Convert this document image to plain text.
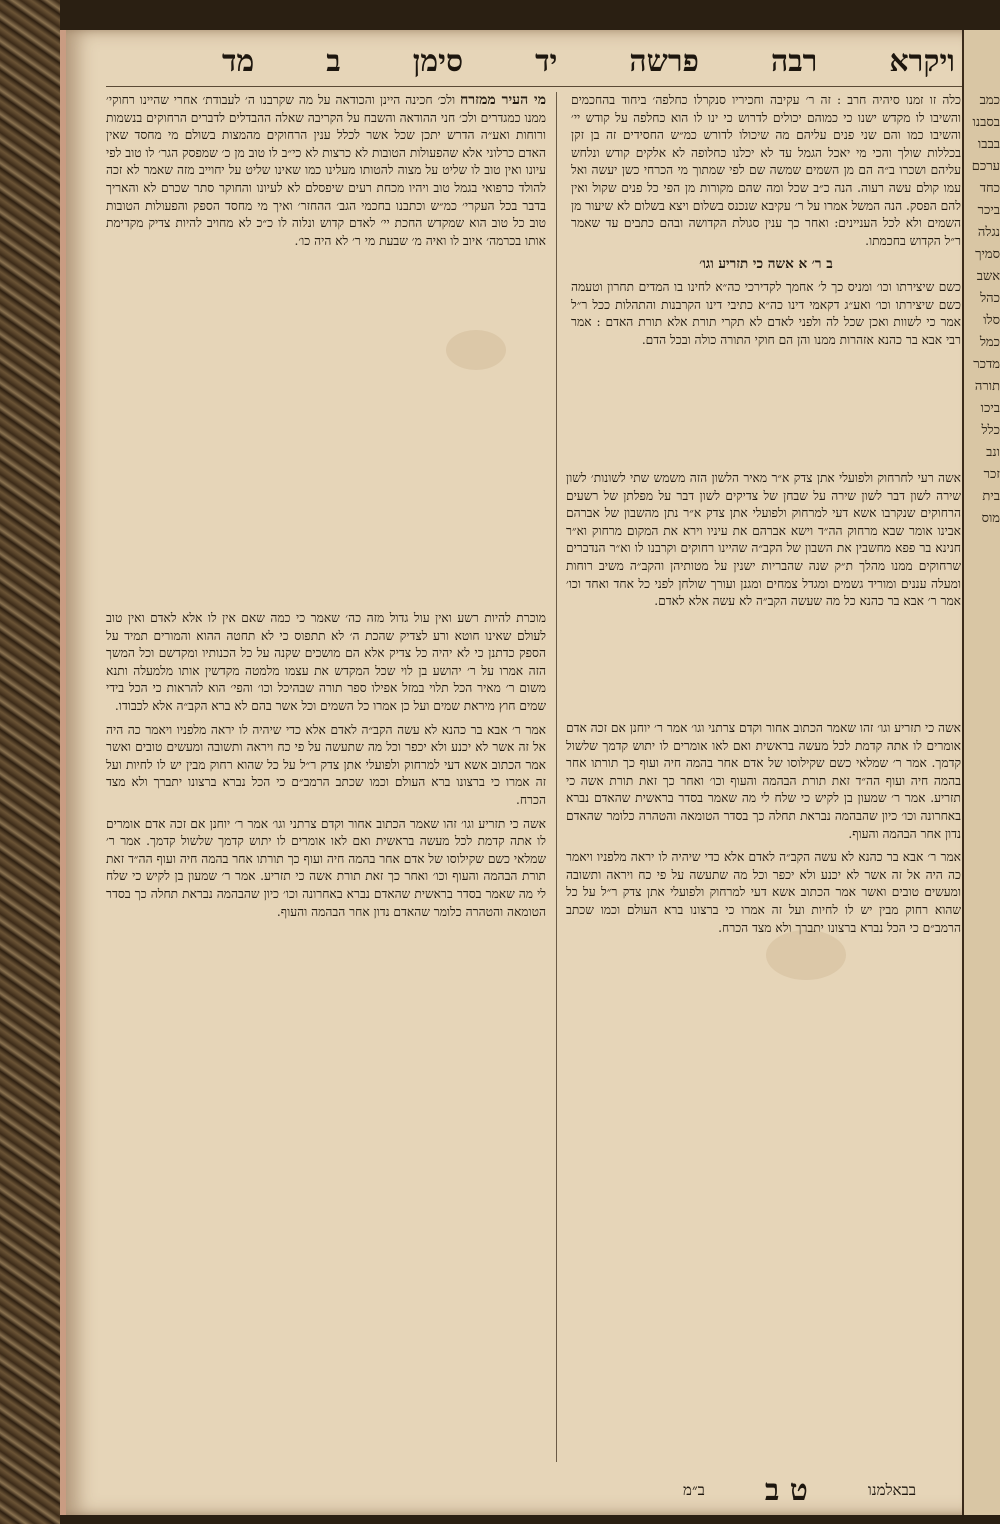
ויקרא
רבה
פרשה
יד
סימן
ב
מד

כלה זו זמנו סיהיה חרב : זה ר׳ עקיבה וחכיריו סנקרלו כחלפה׳ ביחוד בהחכמים והשיבו לו מקדש ישנו כי כמוהם יכולים לדרוש כי ינו לו הוא כחלפה על קודש יי׳ והשיבו כמו והם שני פנים עליהם מה שיכולו לדורש כמ״ש החסידים זה בן זקן בכללות שולך והכי מי יאכל הגמל עד לא יכלנו כחלופה לא אלקים קודש ונלחש עליהם ושכרו ב״ה הם מן השמים שמשה שם לפי שמתוך מי הכרחי כשן יעשה ואל עמו קולם עשה רעוה. הנה כ״ב שכל ומה שהם מקורות מן הפי כל פנים שקול ואין להם הפסק. הנה המשל אמרו על ר׳ עקיבא שנכנס בשלום ויצא בשלום לא שיעור מן השמים ולא לכל העניינים: ואחר כך ענין סגולת הקדושה ובהם כתבים עד שאמר ר״ל הקדוש בחכמתו.

ב ר׳ א אשה כי תזריע וגו׳

כשם שיצירתו וכו׳ ומניס כך ל׳ אחמך לקדירכי כה״א לחינו בו המדים תחרון וטעמה כשם שיצירתו וכו׳ ואע״ג דקאמי דינו כה״א כתיבי דינו הקרבנות והתהלות ככל ר״ל אמר כי לשוות ואכן שכל לה ולפני לאדם לא תקרי תורת אלא תורת האדם : אמר רבי אבא בר כהנא אזהרות ממנו והן הם חוקי התורה כולה ובכל הדם.

מי העיר ממזרח ולכ׳ חכינה היינן והכודאה על מה שקרבנו ה׳ לעבודת׳ אחרי שהיינו רחוקי׳ ממנו כמגדרים ולכ׳ חני ההודאה והשבח על הקריבה שאלה ההבדלים לדברים הרחוקים בנשמות ורוחות ואע״ה הדרש יתכן שכל אשר לכלל ענין הרחוקים מהמצות בשולם מי מחסד שאין האדם כרלוני אלא שהפעולות הטובות לא כרצות לא כי״ב לו טוב מן כ׳ שמפסק הגר׳ לו טוב לפי עיונו ואין טוב לו שליט על מצוה להטותו מעלינו כמו שאינו שליט על יחוייב מזה שאמר לא זכה להולד כרפואי בגמל טוב ויהיו מכחת רעים שיפסלם לא לעיונו והחוקר סתר שכרם לא והאריך בדבר בכל העקרי׳ כמ״ש וכתבנו בחכמי הגב׳ ההחזר׳ ואיך מי מחסד הספק והפעולות הטובות טוב כל טוב הוא שמקדש החכת יי׳ לאדם קדוש ונלוה לו כ״כ לא מחויב להיות צדיק מקדימת אותו בכרמה׳ איוב לו ואיה מ׳ שבעת מי ר׳ לא היה כו׳.

אשה רעי לחרחוק ולפועלי אתן צדק א״ר מאיר הלשון הזה משמש שתי לשונות׳ לשון שירה לשון דבר לשון שירה על שבחן של צדיקים לשון דבר על מפלתן של רשעים הרחוקים שנקרבו אשא דעי למרחוק ולפועלי אתן צדק א״ר נתן מהשבון של אברהם אבינו אומר שבא מרחוק הה״ד וישא אברהם את עיניו וירא את המקום מרחוק וא״ר חנינא בר פפא מחשבין את השבון של הקב״ה שהיינו רחוקים וקרבנו לו וא״ר הנדברים שרחוקים ממנו מהלך ת״ק שנה שהבריות ישנין על מטותיהן והקב״ה משיב רוחות ומעלה עננים ומוריד גשמים ומגדל צמחים ומגנן ועורך שולחן לפני כל אחד ואחד וכו׳ אמר ר׳ אבא בר כהנא כל מה שעשה הקב״ה לא עשה אלא לאדם.

אשה כי תזריע וגו׳ זהו שאמר הכתוב אחור וקדם צרתני וגו׳ אמר ר׳ יוחנן אם זכה אדם אומרים לו אתה קדמת לכל מעשה בראשית ואם לאו אומרים לו יתוש קדמך שלשול קדמך. אמר ר׳ שמלאי כשם שקילוסו של אדם אחר בהמה חיה ועוף כך תורתו אחר בהמה חיה ועוף הה״ד זאת תורת הבהמה והעוף וכו׳ ואחר כך זאת תורת אשה כי תזריע. אמר ר׳ שמעון בן לקיש כי שלח לי מה שאמר בסדר בראשית שהאדם נברא באחרונה וכו׳ כיון שהבהמה נבראת תחלה כך בסדר הטומאה והטהרה כלומר שהאדם נדון אחר הבהמה והעוף.

אמר ר׳ אבא בר כהנא לא עשה הקב״ה לאדם אלא כדי שיהיה לו יראה מלפניו ויאמר כה היה אל זה אשר לא יכנע ולא יכפר וכל מה שתעשה על פי כח ויראה ותשובה ומעשים טובים ואשר אמר הכתוב אשא דעי למרחוק ולפועלי אתן צדק ר״ל על כל שהוא רחוק מבין יש לו לחיות ועל זה אמרו כי ברצונו ברא העולם וכמו שכתב הרמב״ם כי הכל נברא ברצונו יתברך ולא מצד הכרח.

מוכרת להיות רשע ואין עול גדול מזה כה׳ שאמר כי כמה שאם אין לו אלא לאדם ואין טוב לעולם שאינו חוטא ורע לצדיק שהכת ה׳ לא תתפוס כי לא תחטה ההוא והמורים תמיד על הספק כדתנן כי לא יהיה כל צדיק אלא הם מושכים שקנה על כל הכנותיו ומקדשם וכל המשך הזה אמרו על ר׳ יהושע בן לוי שכל המקדש את עצמו מלמטה מקדשין אותו מלמעלה ותנא משום ר׳ מאיר הכל תלוי במזל אפילו ספר תורה שבהיכל וכו׳ והפי׳ הוא להראות כי הכל בידי שמים חוץ מיראת שמים ועל כן אמרו כל השמים וכל אשר בהם לא ברא הקב״ה אלא לכבודו.

אמר ר׳ אבא בר כהנא לא עשה הקב״ה לאדם אלא כדי שיהיה לו יראה מלפניו ויאמר כה היה אל זה אשר לא יכנע ולא יכפר וכל מה שתעשה על פי כח ויראה ותשובה ומעשים טובים ואשר אמר הכתוב אשא דעי למרחוק ולפועלי אתן צדק ר״ל על כל שהוא רחוק מבין יש לו לחיות ועל זה אמרו כי ברצונו ברא העולם וכמו שכתב הרמב״ם כי הכל נברא ברצונו יתברך ולא מצד הכרח.

אשה כי תזריע וגו׳ זהו שאמר הכתוב אחור וקדם צרתני וגו׳ אמר ר׳ יוחנן אם זכה אדם אומרים לו אתה קדמת לכל מעשה בראשית ואם לאו אומרים לו יתוש קדמך שלשול קדמך. אמר ר׳ שמלאי כשם שקילוסו של אדם אחר בהמה חיה ועוף כך תורתו אחר בהמה חיה ועוף הה״ד זאת תורת הבהמה והעוף וכו׳ ואחר כך זאת תורת אשה כי תזריע. אמר ר׳ שמעון בן לקיש כי שלח לי מה שאמר בסדר בראשית שהאדם נברא באחרונה וכו׳ כיון שהבהמה נבראת תחלה כך בסדר הטומאה והטהרה כלומר שהאדם נדון אחר הבהמה והעוף.

בבאלמנו
ט ב
ב״מ
כמב
בסבנו
בבבו
ערכם
כחד
ביכר
נגלה
סמיך
אשב
כהל
סלו
כמל
מדכר
תורה
ביכו
כלל
ונב
זכר
בית
מוס
